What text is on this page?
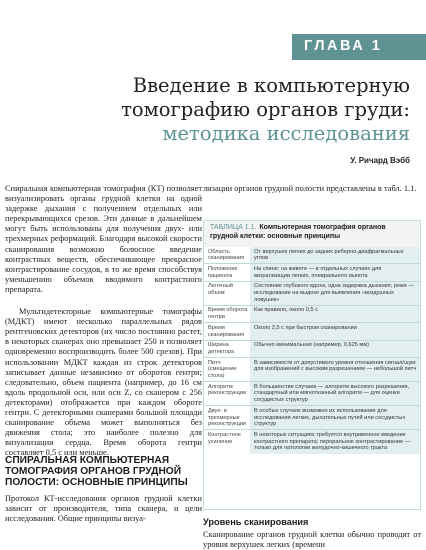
ГЛАВА 1
Введение в компьютерную
томографию органов груди:
методика исследования
У. Ричард Вэбб

Спиральная компьютерная томография (КТ) позволяет визуализировать органы грудной клетки на одной задержке дыхания с получением отдельных или перекрывающихся срезов. Эти данные в дальнейшем могут быть использованы для получения двух- или трехмерных реформаций. Благодаря высокой скорости сканирования возможно болюсное введение контрастных веществ, обеспечивающее прекрасное контрастирование сосудов, в то же время способствуя уменьшению объемов вводимого контрастного препарата.

Мультидетекторные компьютерные томографы (МДКТ) имеют несколько параллельных рядов рентгеновских детекторов (их число постоянно растет, в некоторых сканерах оно превышает 250 и позволяет одновременно воспроизводить более 500 срезов). При использовании МДКТ каждая из строк детекторов записывает данные независимо от оборотов гентри; следовательно, объем пациента (например, до 16 см вдоль продольной оси, или оси Z, со сканером с 256 детекторами) отображается при каждом обороте гентри. С детекторными сканерами большой площади сканирование объема может выполняться без движения стола; это наиболее полезно для визуализации сердца. Время оборота гентри составляет 0,5 с или меньше.

СПИРАЛЬНАЯ КОМПЬЮТЕРНАЯ ТОМОГРАФИЯ ОРГАНОВ ГРУДНОЙ ПОЛОСТИ: ОСНОВНЫЕ ПРИНЦИПЫ

Протокол КТ-исследования органов грудной клетки зависит от производителя, типа сканера, и цели исследования. Общие принципы визуа-

лизации органов грудной полости представлены в табл. 1.1.

ТАБЛИЦА 1.1. Компьютерная томография органов грудной клетки: основные принципы
Область сканирования
От верхушек легких до задних реберно-диафрагмальных углов
Положение пациента
На спине; на животе — в отдельных случаях для визуализации легких, плеврального выпота
Легочный объем
Состояние глубокого вдоха, одна задержка дыхания; реже — исследование на выдохе для выявления «воздушных ловушек»
Время оборота гентри
Как правило, около 0,5 с
Время сканирования
Около 2,5 с при быстром сканировании
Ширина детектора
Обычно минимальная (например, 0,625 мм)
Питч (смещение стола)
В зависимости от допустимого уровня отношения сигнал/шум: для изображений с высоким разрешением — небольшой питч
Алгоритм реконструкции
В большинстве случаев — алгоритм высокого разрешения, стандартный или мягкотканный алгоритм — для оценки сосудистых структур
Двух- и трехмерные реконструкции
В особых случаях возможно их использование для исследования легких, дыхательных путей или сосудистых структур
Контрастное усиление
В некоторых ситуациях требуется внутривенное введение контрастного препарата; пероральное контрастирование — только для патологии желудочно-кишечного тракта
Уровень сканирования

Сканирование органов грудной клетки обычно проводят от уровня верхушек легких (времени
